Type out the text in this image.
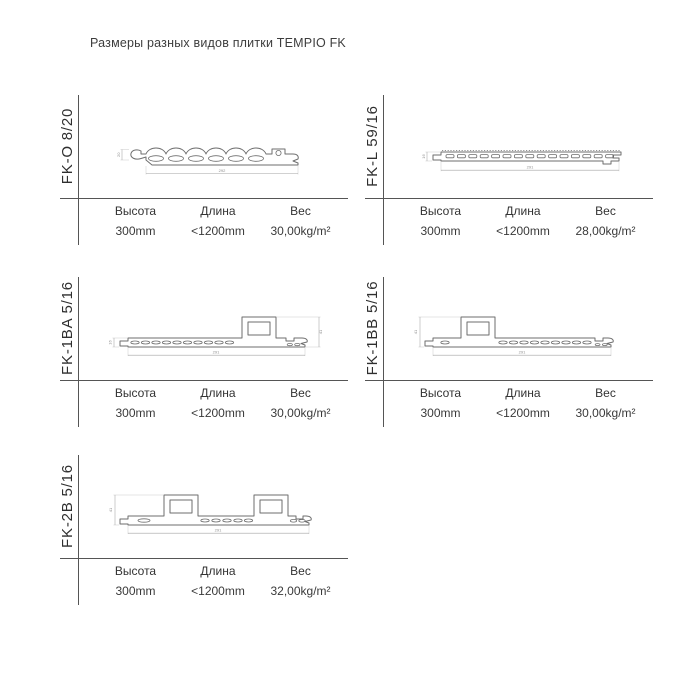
Размеры разных видов плитки TEMPIO FK
FK-O 8/20	292
20
Высота	Длина	Вес
300mm	<1200mm 30,00kg/m²
FK-L 59/16	291
16
Высота	Длина	Вес
300mm	<1200mm 28,00kg/m²
FK-1BA 5/16	41
16
291
Высота	Длина	Вес
300mm	<1200mm 30,00kg/m²
FK-1BB 5/16	41
291
Высота	Длина	Вес
300mm	<1200mm 30,00kg/m²
FK-2B 5/16	41
291
Высота	Длина	Вес
300mm	<1200mm 32,00kg/m²
